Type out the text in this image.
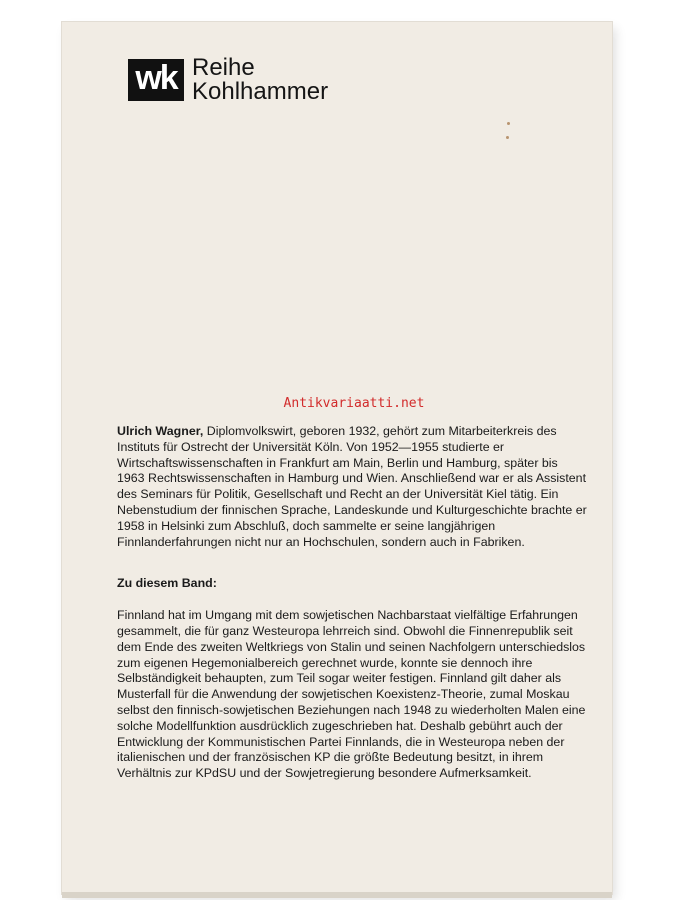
wk Reihe
Kohlhammer
Antikvariaatti.net

Ulrich Wagner, Diplomvolkswirt, geboren 1932, gehört zum Mitarbeiterkreis des Instituts für Ostrecht der Universität Köln. Von 1952—1955 studierte er Wirtschaftswissenschaften in Frankfurt am Main, Berlin und Hamburg, später bis 1963 Rechtswissenschaften in Hamburg und Wien. Anschließend war er als Assistent des Seminars für Politik, Gesellschaft und Recht an der Universität Kiel tätig. Ein Nebenstudium der finnischen Sprache, Landeskunde und Kulturgeschichte brachte er 1958 in Helsinki zum Abschluß, doch sammelte er seine langjährigen Finnlanderfahrungen nicht nur an Hochschulen, sondern auch in Fabriken.

Zu diesem Band:

Finnland hat im Umgang mit dem sowjetischen Nachbarstaat vielfältige Erfahrungen gesammelt, die für ganz Westeuropa lehrreich sind. Obwohl die Finnenrepublik seit dem Ende des zweiten Weltkriegs von Stalin und seinen Nachfolgern unterschiedslos zum eigenen Hegemonialbereich gerechnet wurde, konnte sie dennoch ihre Selbständigkeit behaupten, zum Teil sogar weiter festigen. Finnland gilt daher als Musterfall für die Anwendung der sowjetischen Koexistenz-Theorie, zumal Moskau selbst den finnisch-sowjetischen Beziehungen nach 1948 zu wiederholten Malen eine solche Modellfunktion ausdrücklich zugeschrieben hat. Deshalb gebührt auch der Entwicklung der Kommunistischen Partei Finnlands, die in Westeuropa neben der italienischen und der französischen KP die größte Bedeutung besitzt, in ihrem Verhältnis zur KPdSU und der Sowjetregierung besondere Aufmerksamkeit.
